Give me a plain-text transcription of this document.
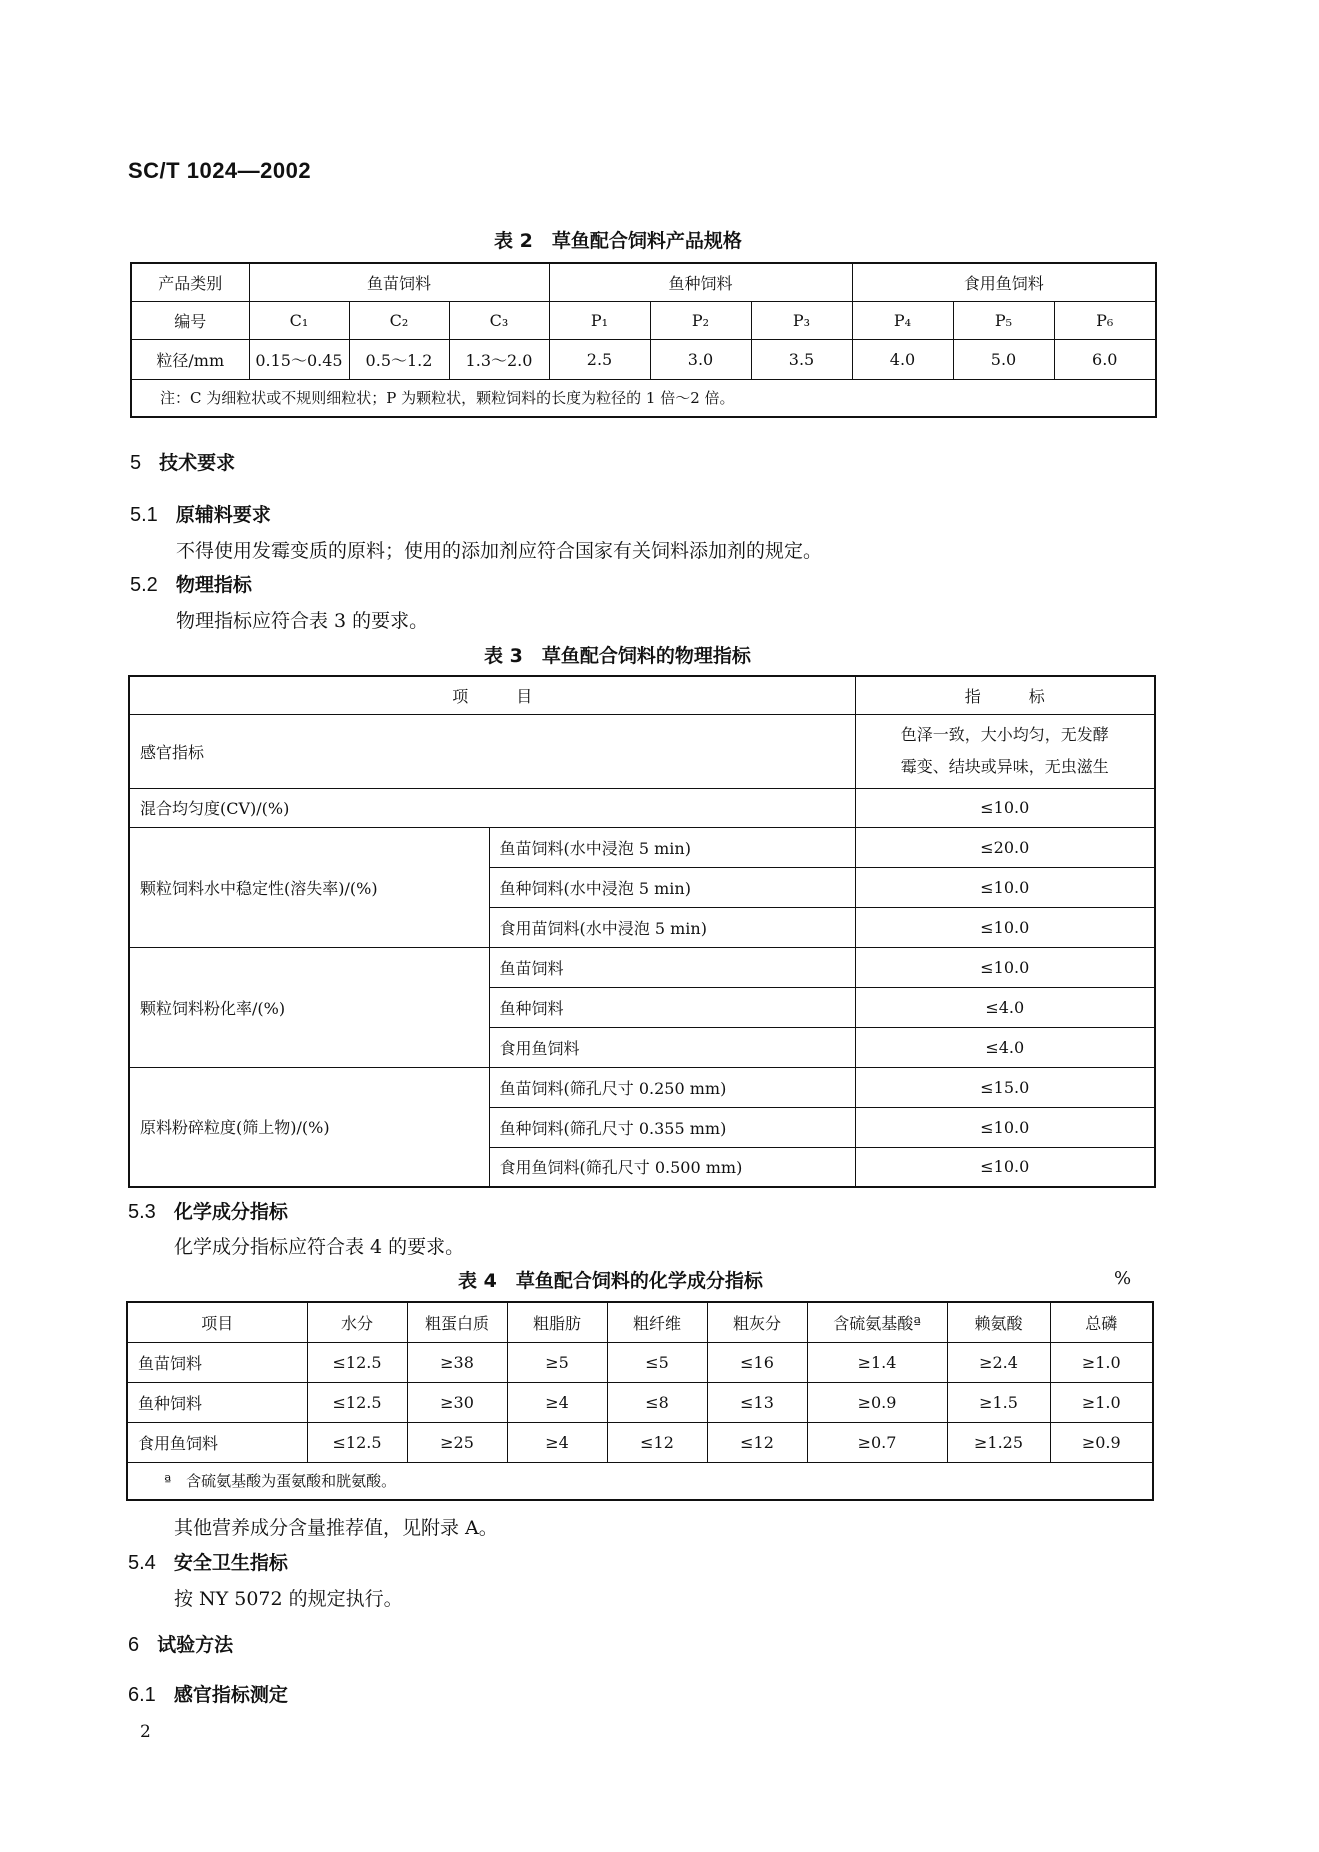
SC/T 1024—2002
表 2　草鱼配合饲料产品规格
产品类别	鱼苗饲料			鱼种饲料			食用鱼饲料		
编号	C₁	C₂	C₃	P₁	P₂	P₃	P₄	P₅	P₆
粒径/mm	0.15～0.45	0.5～1.2	1.3～2.0	2.5	3.0	3.5	4.0	5.0	6.0
注：C 为细粒状或不规则细粒状；P 为颗粒状，颗粒饲料的长度为粒径的 1 倍～2 倍。									
5 技术要求
5.1 原辅料要求
不得使用发霉变质的原料；使用的添加剂应符合国家有关饲料添加剂的规定。
5.2 物理指标
物理指标应符合表 3 的要求。
表 3　草鱼配合饲料的物理指标
项　　　目		指　　　标
感官指标		色泽一致，大小均匀，无发酵
霉变、结块或异味，无虫滋生

混合均匀度(CV)/(%)		≤10.0
颗粒饲料水中稳定性(溶失率)/(%)	鱼苗饲料(水中浸泡 5 min)	≤20.0
	鱼种饲料(水中浸泡 5 min)	≤10.0
	食用苗饲料(水中浸泡 5 min)	≤10.0
颗粒饲料粉化率/(%)	鱼苗饲料	≤10.0
	鱼种饲料	≤4.0
	食用鱼饲料	≤4.0
原料粉碎粒度(筛上物)/(%)	鱼苗饲料(筛孔尺寸 0.250 mm)	≤15.0
	鱼种饲料(筛孔尺寸 0.355 mm)	≤10.0
	食用鱼饲料(筛孔尺寸 0.500 mm)	≤10.0
5.3 化学成分指标
化学成分指标应符合表 4 的要求。
表 4　草鱼配合饲料的化学成分指标	%
项目	水分	粗蛋白质	粗脂肪	粗纤维	粗灰分	含硫氨基酸ª	赖氨酸	总磷
鱼苗饲料	≤12.5	≥38	≥5	≤5	≤16	≥1.4	≥2.4	≥1.0
鱼种饲料	≤12.5	≥30	≥4	≤8	≤13	≥0.9	≥1.5	≥1.0
食用鱼饲料	≤12.5	≥25	≥4	≤12	≤12	≥0.7	≥1.25	≥0.9
ª　含硫氨基酸为蛋氨酸和胱氨酸。								
其他营养成分含量推荐值，见附录 A。
5.4 安全卫生指标
按 NY 5072 的规定执行。
6 试验方法
6.1 感官指标测定
2
